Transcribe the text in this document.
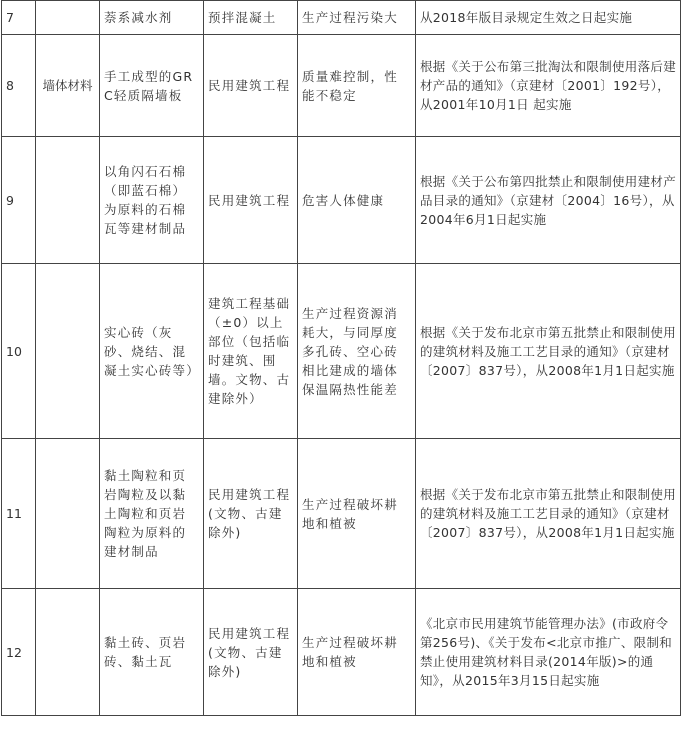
7		萘系减水剂	预拌混凝土	生产过程污染大	从2018年版目录规定生效之日起实施
8	墙体材料	手工成型的GRC轻质隔墙板	民用建筑工程	质量难控制，性能不稳定	根据《关于公布第三批淘汰和限制使用落后建材产品的通知》（京建材〔2001〕192号），从2001年10月1日 起实施
9		以角闪石石棉（即蓝石棉）为原料的石棉瓦等建材制品	民用建筑工程	危害人体健康	根据《关于公布第四批禁止和限制使用建材产品目录的通知》（京建材〔2004〕16号），从2004年6月1日起实施
10		实心砖（灰砂、烧结、混凝土实心砖等）	建筑工程基础（±0）以上部位（包括临时建筑、围墙。文物、古建除外）	生产过程资源消耗大，与同厚度多孔砖、空心砖相比建成的墙体保温隔热性能差	根据《关于发布北京市第五批禁止和限制使用的建筑材料及施工工艺目录的通知》（京建材〔2007〕837号），从2008年1月1日起实施
11		黏土陶粒和页岩陶粒及以黏土陶粒和页岩陶粒为原料的建材制品	民用建筑工程(文物、古建除外)	生产过程破坏耕地和植被	根据《关于发布北京市第五批禁止和限制使用的建筑材料及施工工艺目录的通知》（京建材〔2007〕837号），从2008年1月1日起实施
12		黏土砖、页岩砖、黏土瓦	民用建筑工程(文物、古建除外)	生产过程破坏耕地和植被	《北京市民用建筑节能管理办法》(市政府令第256号)、《关于发布<北京市推广、限制和禁止使用建筑材料目录(2014年版)>的通知》，从2015年3月15日起实施
